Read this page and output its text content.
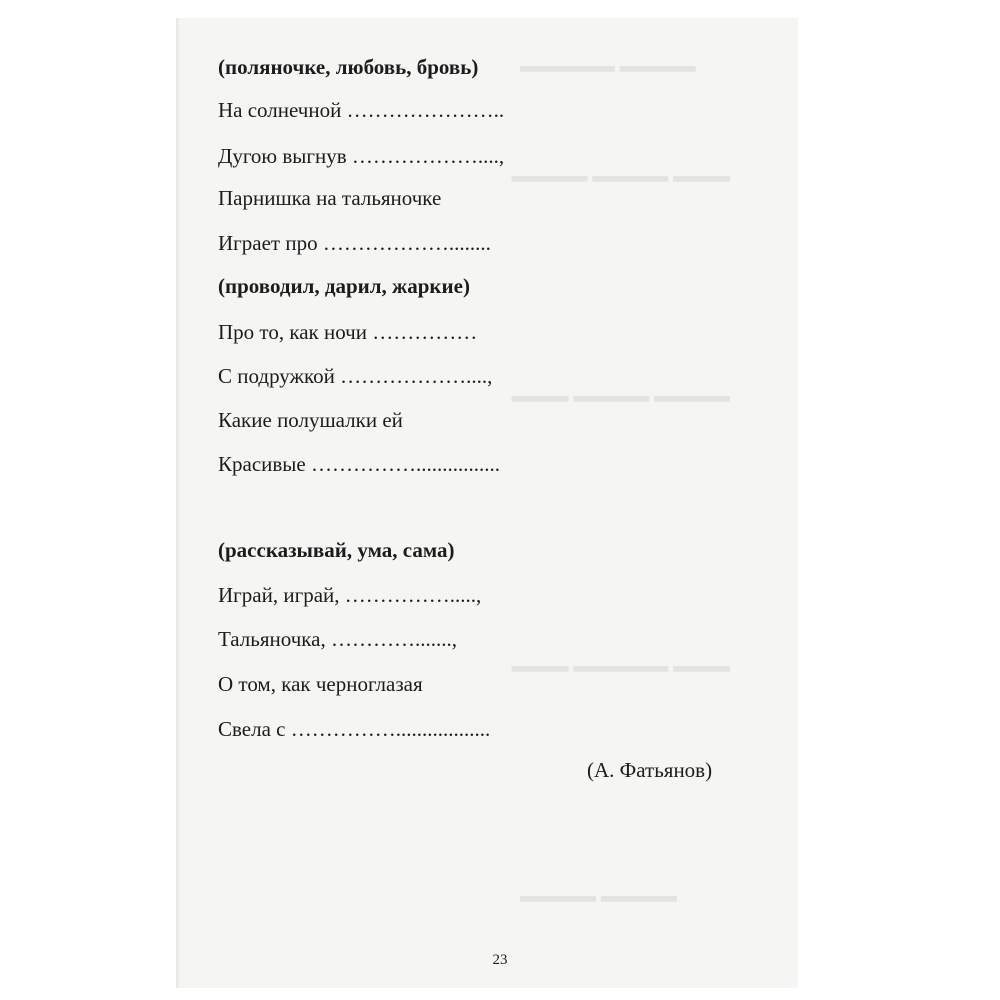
▬▬▬▬ ▬▬▬▬▬
▬▬▬ ▬▬▬▬ ▬▬▬▬
▬▬▬▬ ▬▬▬▬ ▬▬▬
▬▬▬ ▬▬▬▬▬ ▬▬▬
▬▬▬▬ ▬▬▬▬
(поляночке, любовь, бровь)
На солнечной …………………..
Дугою выгнув ………………....,
Парнишка на тальяночке
Играет про ………………........
(проводил, дарил, жаркие)
Про то, как ночи ……………
С подружкой ………………....,
Какие полушалки ей
Красивые ……………................
(рассказывай, ума, сама)
Играй, играй, …………….....,
Тальяночка, ………….......,
О том, как черноглазая
Свела с ……………..................
(А. Фатьянов)
23
